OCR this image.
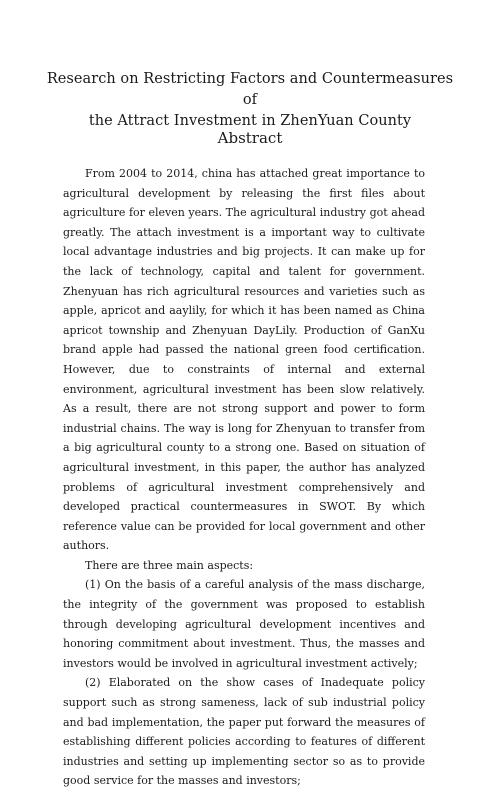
Research on Restricting Factors and Countermeasures of
the Attract Investment in ZhenYuan County
Abstract

From 2004 to 2014, china has attached great importance to agricultural development by releasing the first files about agriculture for eleven years. The agricultural industry got ahead greatly. The attach investment is a important way to cultivate local advantage industries and big projects. It can make up for the lack of technology, capital and talent for government. Zhenyuan has rich agricultural resources and varieties such as apple, apricot and aaylily, for which it has been named as China apricot township and Zhenyuan DayLily. Production of GanXu brand apple had passed the national green food certification. However, due to constraints of internal and external environment, agricultural investment has been slow relatively. As a result, there are not strong support and power to form industrial chains. The way is long for Zhenyuan to transfer from a big agricultural county to a strong one. Based on situation of agricultural investment, in this paper, the author has analyzed problems of agricultural investment comprehensively and developed practical countermeasures in SWOT. By which reference value can be provided for local government and other authors.

There are three main aspects:

(1) On the basis of a careful analysis of the mass discharge, the integrity of the government was proposed to establish through developing agricultural development incentives and honoring commitment about investment. Thus, the masses and investors would be involved in agricultural investment actively;

(2) Elaborated on the show cases of Inadequate policy support such as strong sameness, lack of sub industrial policy and bad implementation, the paper put forward the measures of establishing different policies according to features of different industries and setting up implementing sector so as to provide good service for the masses and investors;
